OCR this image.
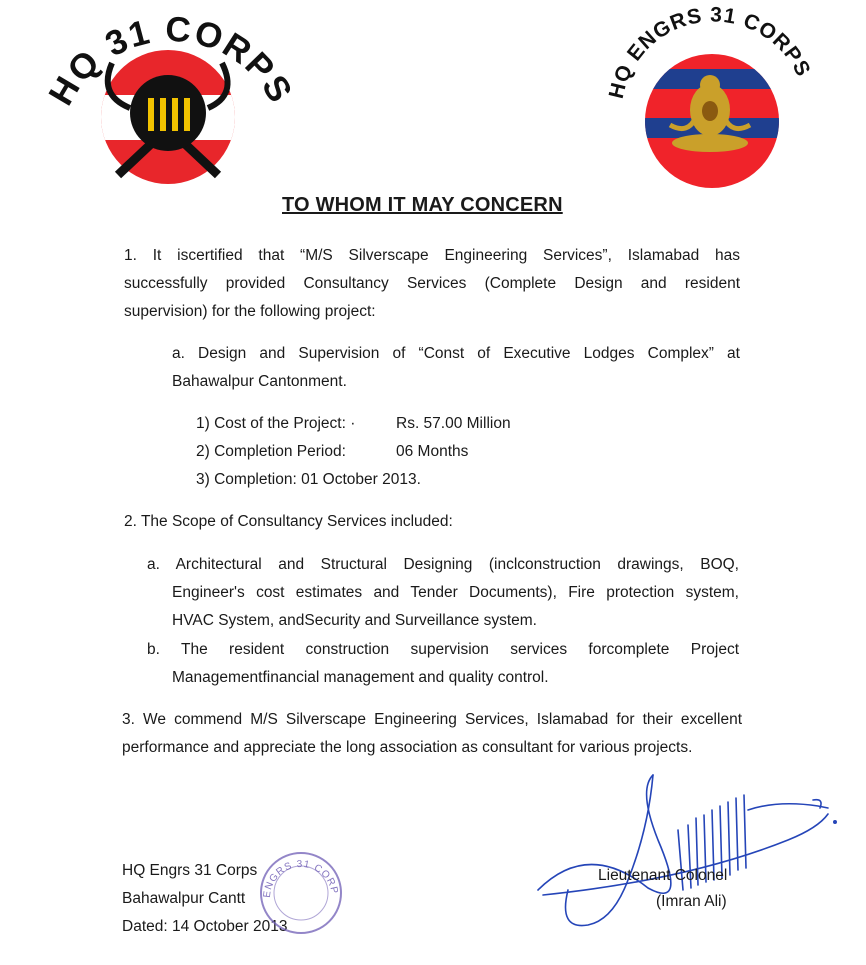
HQ 31 CORP
HQ ENGRS 31 CORPS
TO WHOM IT MAY CONCERN
1. It iscertified that “M/S Silverscape Engineering Services”, Islamabad has
successfully provided Consultancy Services (Complete Design and resident
supervision) for the following project:
a. Design and Supervision of “Const of Executive Lodges Complex” at
Bahawalpur Cantonment.
1) Cost of the Project: ·	Rs. 57.00 Million
2) Completion Period:	06 Months
3) Completion: 01 October 2013.
2. The Scope of Consultancy Services included:
a. Architectural and Structural Designing (inclconstruction drawings, BOQ,
Engineer's cost estimates and Tender Documents), Fire protection system,
HVAC System, andSecurity and Surveillance system.
b. The resident construction supervision services forcomplete Project
Managementfinancial management and quality control.
3. We commend M/S Silverscape Engineering Services, Islamabad for their excellent
performance and appreciate the long association as consultant for various projects.
HQ Engrs 31 Corps
Bahawalpur Cantt
Dated: 14 October 2013
ENGRS 31 CORP
Lieutenant Colonel
(Imran Ali)
